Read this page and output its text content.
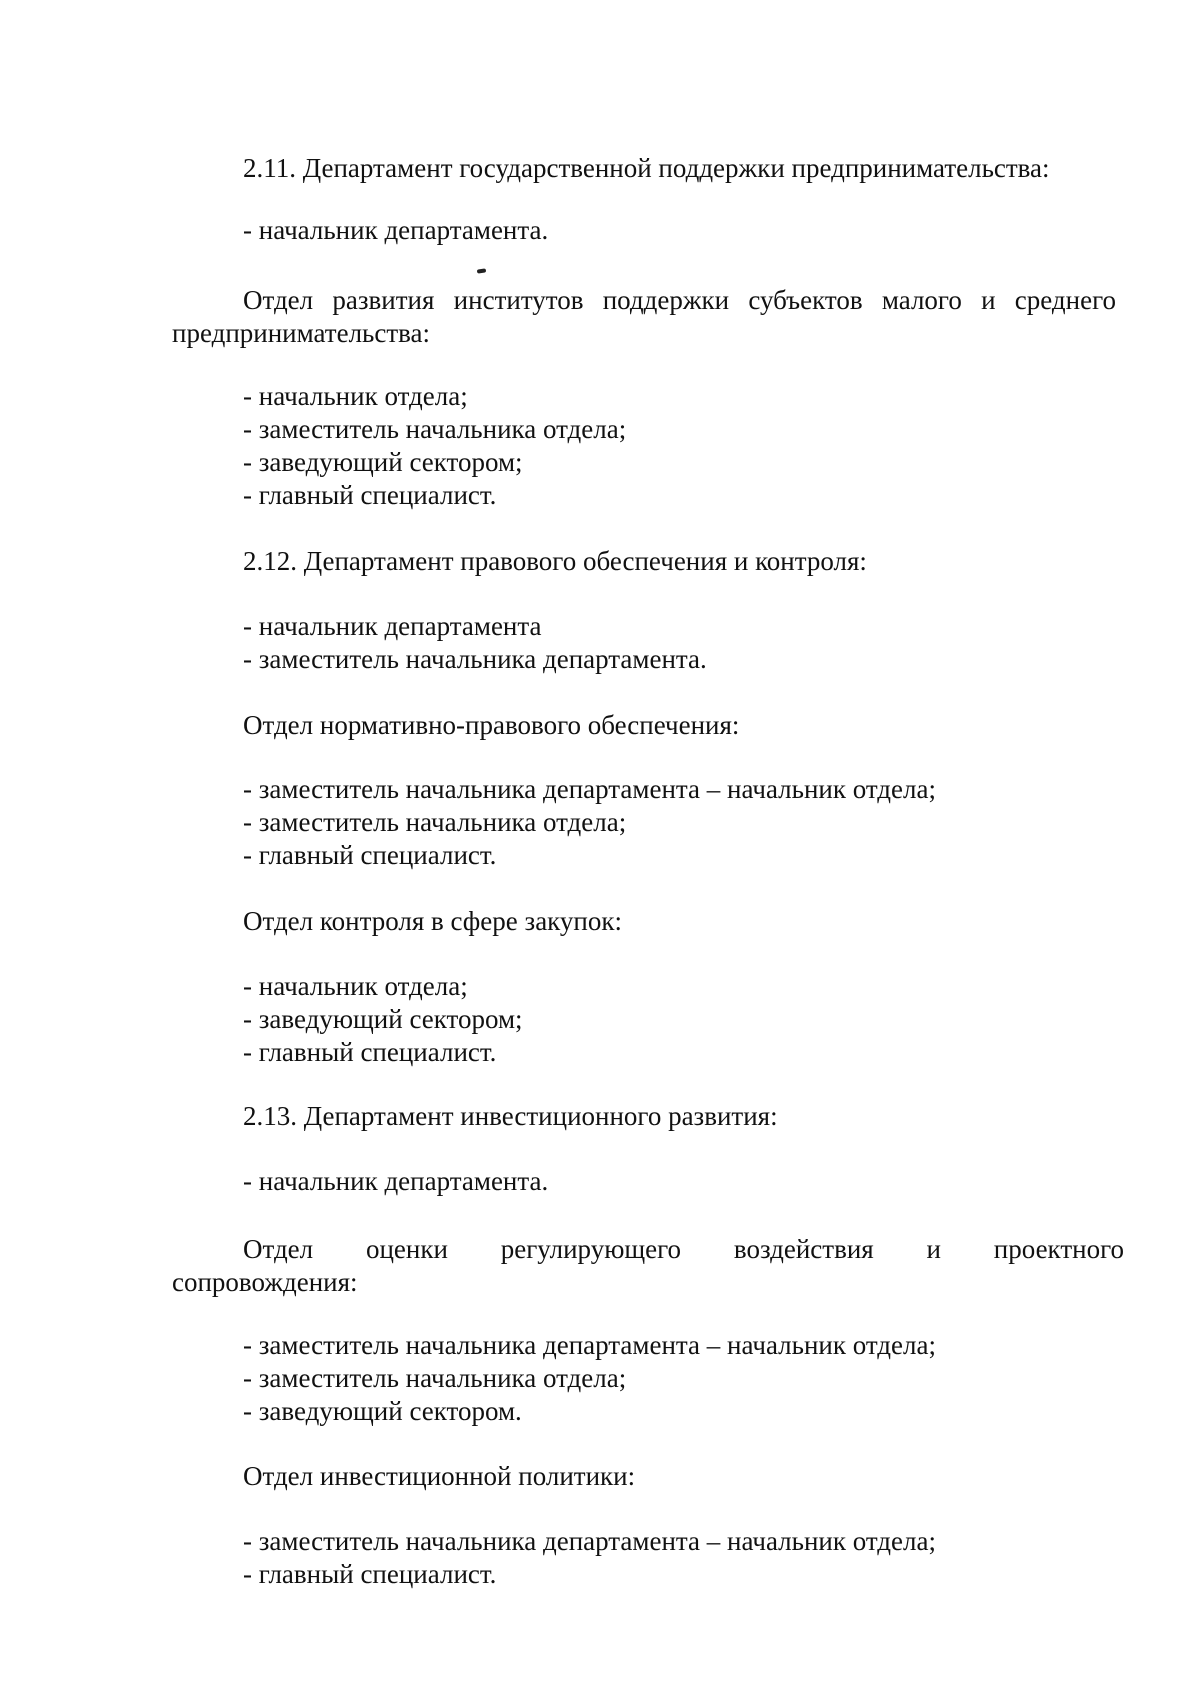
2.11. Департамент государственной поддержки предпринимательства:
- начальник департамента.
Отдел развития институтов поддержки субъектов малого и среднего предпринимательства:
- начальник отдела;
- заместитель начальника отдела;
- заведующий сектором;
- главный специалист.
2.12. Департамент правового обеспечения и контроля:
- начальник департамента
- заместитель начальника департамента.
Отдел нормативно-правового обеспечения:
- заместитель начальника департамента – начальник отдела;
- заместитель начальника отдела;
- главный специалист.
Отдел контроля в сфере закупок:
- начальник отдела;
- заведующий сектором;
- главный специалист.
2.13. Департамент инвестиционного развития:
- начальник департамента.
Отдел оценки регулирующего воздействия и проектного
сопровождения:
- заместитель начальника департамента – начальник отдела;
- заместитель начальника отдела;
- заведующий сектором.
Отдел инвестиционной политики:
- заместитель начальника департамента – начальник отдела;
- главный специалист.
